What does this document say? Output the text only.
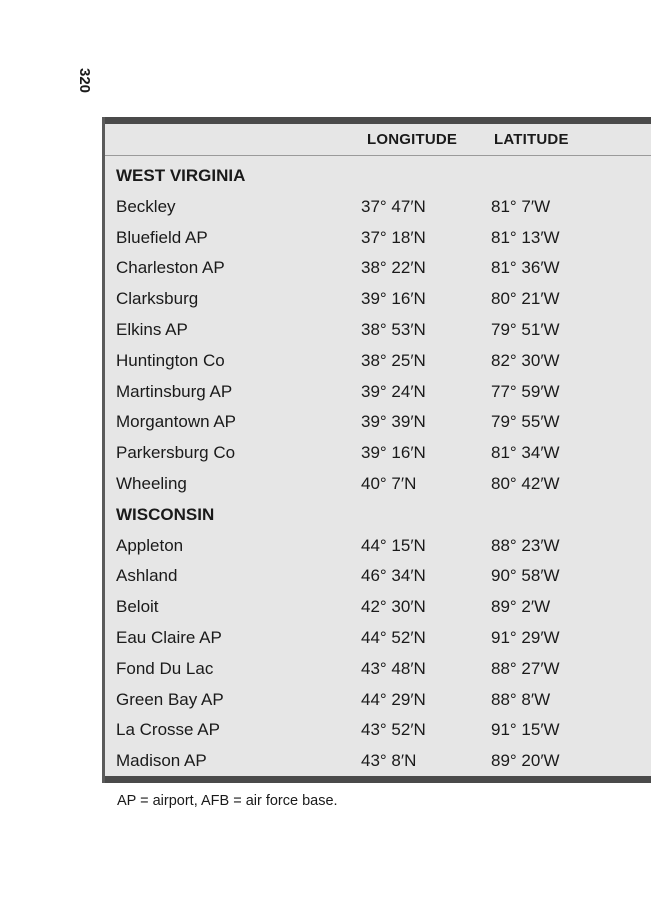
320
LONGITUDE LATITUDE
WEST VIRGINIA
Beckley	37° 47′N	81° 7′W
Bluefield AP	37° 18′N	81° 13′W
Charleston AP	38° 22′N	81° 36′W
Clarksburg	39° 16′N	80° 21′W
Elkins AP	38° 53′N	79° 51′W
Huntington Co	38° 25′N	82° 30′W
Martinsburg AP	39° 24′N	77° 59′W
Morgantown AP	39° 39′N	79° 55′W
Parkersburg Co	39° 16′N	81° 34′W
Wheeling	40° 7′N	80° 42′W
WISCONSIN
Appleton	44° 15′N	88° 23′W
Ashland	46° 34′N	90° 58′W
Beloit	42° 30′N	89° 2′W
Eau Claire AP	44° 52′N	91° 29′W
Fond Du Lac	43° 48′N	88° 27′W
Green Bay AP	44° 29′N	88° 8′W
La Crosse AP	43° 52′N	91° 15′W
Madison AP	43° 8′N	89° 20′W
AP = airport, AFB = air force base.
